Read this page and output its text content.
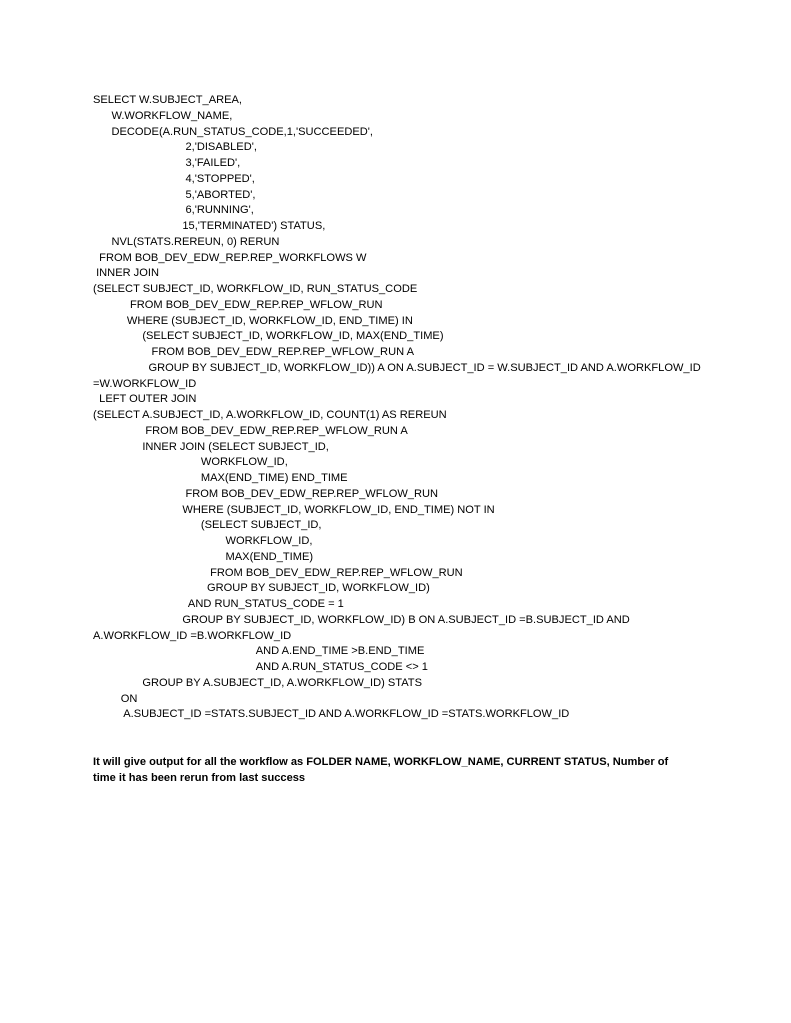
SELECT W.SUBJECT_AREA,
W.WORKFLOW_NAME,
DECODE(A.RUN_STATUS_CODE,1,'SUCCEEDED',
2,'DISABLED',
3,'FAILED',
4,'STOPPED',
5,'ABORTED',
6,'RUNNING',
15,'TERMINATED') STATUS,
NVL(STATS.REREUN, 0) RERUN
FROM BOB_DEV_EDW_REP.REP_WORKFLOWS W
INNER JOIN
(SELECT SUBJECT_ID, WORKFLOW_ID, RUN_STATUS_CODE
FROM BOB_DEV_EDW_REP.REP_WFLOW_RUN
WHERE (SUBJECT_ID, WORKFLOW_ID, END_TIME) IN
(SELECT SUBJECT_ID, WORKFLOW_ID, MAX(END_TIME)
FROM BOB_DEV_EDW_REP.REP_WFLOW_RUN A
GROUP BY SUBJECT_ID, WORKFLOW_ID)) A ON A.SUBJECT_ID = W.SUBJECT_ID AND A.WORKFLOW_ID
=W.WORKFLOW_ID
LEFT OUTER JOIN
(SELECT A.SUBJECT_ID, A.WORKFLOW_ID, COUNT(1) AS REREUN
FROM BOB_DEV_EDW_REP.REP_WFLOW_RUN A
INNER JOIN (SELECT SUBJECT_ID,
WORKFLOW_ID,
MAX(END_TIME) END_TIME
FROM BOB_DEV_EDW_REP.REP_WFLOW_RUN
WHERE (SUBJECT_ID, WORKFLOW_ID, END_TIME) NOT IN
(SELECT SUBJECT_ID,
WORKFLOW_ID,
MAX(END_TIME)
FROM BOB_DEV_EDW_REP.REP_WFLOW_RUN
GROUP BY SUBJECT_ID, WORKFLOW_ID)
AND RUN_STATUS_CODE = 1
GROUP BY SUBJECT_ID, WORKFLOW_ID) B ON A.SUBJECT_ID =B.SUBJECT_ID AND
A.WORKFLOW_ID =B.WORKFLOW_ID
AND A.END_TIME >B.END_TIME
AND A.RUN_STATUS_CODE <> 1
GROUP BY A.SUBJECT_ID, A.WORKFLOW_ID) STATS
ON
A.SUBJECT_ID =STATS.SUBJECT_ID AND A.WORKFLOW_ID =STATS.WORKFLOW_ID
It will give output for all the workflow as FOLDER NAME, WORKFLOW_NAME, CURRENT STATUS, Number of
time it has been rerun from last success
